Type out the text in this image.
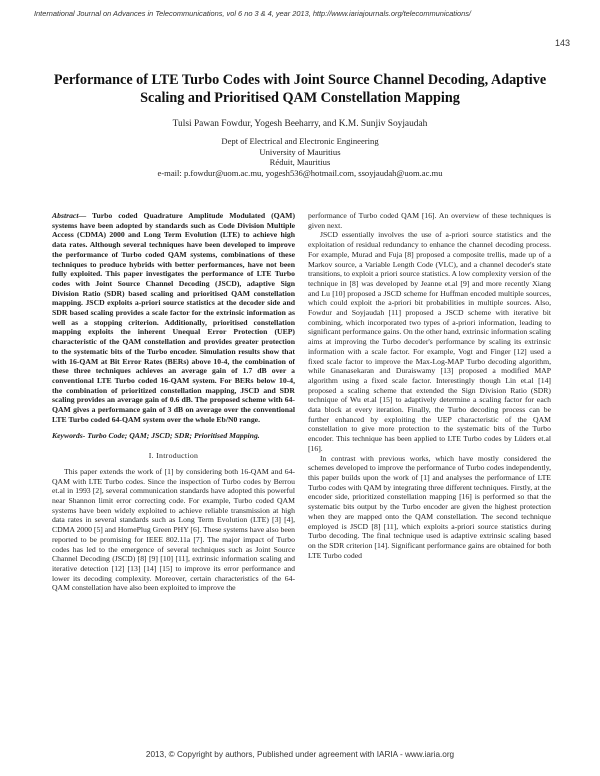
International Journal on Advances in Telecommunications, vol 6 no 3 & 4, year 2013, http://www.iariajournals.org/telecommunications/
143
Performance of LTE Turbo Codes with Joint Source Channel Decoding, Adaptive Scaling and Prioritised QAM Constellation Mapping
Tulsi Pawan Fowdur, Yogesh Beeharry, and K.M. Sunjiv Soyjaudah
Dept of Electrical and Electronic Engineering
University of Mauritius
Réduit, Mauritius
e-mail: p.fowdur@uom.ac.mu, yogesh536@hotmail.com, ssoyjaudah@uom.ac.mu
Abstract— Turbo coded Quadrature Amplitude Modulated (QAM) systems have been adopted by standards such as Code Division Multiple Access (CDMA) 2000 and Long Term Evolution (LTE) to achieve high data rates. Although several techniques have been developed to improve the performance of Turbo coded QAM systems, combinations of these techniques to produce hybrids with better performances, have not been fully exploited. This paper investigates the performance of LTE Turbo codes with Joint Source Channel Decoding (JSCD), adaptive Sign Division Ratio (SDR) based scaling and prioritised QAM constellation mapping. JSCD exploits a-priori source statistics at the decoder side and SDR based scaling provides a scale factor for the extrinsic information as well as a stopping criterion. Additionally, prioritised constellation mapping exploits the inherent Unequal Error Protection (UEP) characteristic of the QAM constellation and provides greater protection to the systematic bits of the Turbo encoder. Simulation results show that with 16-QAM at Bit Error Rates (BERs) above 10-4, the combination of these three techniques achieves an average gain of 1.7 dB over a conventional LTE Turbo coded 16-QAM system. For BERs below 10-4, the combination of prioritized constellation mapping, JSCD and SDR scaling provides an average gain of 0.6 dB. The proposed scheme with 64-QAM gives a performance gain of 3 dB on average over the conventional LTE Turbo coded 64-QAM system over the whole Eb/N0 range.
Keywords- Turbo Code; QAM; JSCD; SDR; Prioritised Mapping.
I. Introduction

This paper extends the work of [1] by considering both 16-QAM and 64-QAM with LTE Turbo codes. Since the inspection of Turbo codes by Berrou et.al in 1993 [2], several communication standards have adopted this powerful near Shannon limit error correcting code. For example, Turbo coded QAM systems have been widely exploited to achieve reliable transmission at high data rates in several standards such as Long Term Evolution (LTE) [3] [4], CDMA 2000 [5] and HomePlug Green PHY [6]. These systems have also been reported to be promising for IEEE 802.11a [7]. The major impact of Turbo codes has led to the emergence of several techniques such as Joint Source Channel Decoding (JSCD) [8] [9] [10] [11], extrinsic information scaling and iterative detection [12] [13] [14] [15] to improve its error performance and lower its decoding complexity. Moreover, certain characteristics of the 64-QAM constellation have also been exploited to improve the

performance of Turbo coded QAM [16]. An overview of these techniques is given next.

JSCD essentially involves the use of a-priori source statistics and the exploitation of residual redundancy to enhance the channel decoding process. For example, Murad and Fuja [8] proposed a composite trellis, made up of a Markov source, a Variable Length Code (VLC), and a channel decoder's state transitions, to exploit a priori source statistics. A low complexity version of the technique in [8] was developed by Jeanne et.al [9] and more recently Xiang and Lu [10] proposed a JSCD scheme for Huffman encoded multiple sources, which could exploit the a-priori bit probabilities in multiple sources. Also, Fowdur and Soyjaudah [11] proposed a JSCD scheme with iterative bit combining, which incorporated two types of a-priori information, leading to significant performance gains. On the other hand, extrinsic information scaling aims at improving the Turbo decoder's performance by scaling its extrinsic information with a scale factor. For example, Vogt and Finger [12] used a fixed scale factor to improve the Max-Log-MAP Turbo decoding algorithm, while Gnanasekaran and Duraiswamy [13] proposed a modified MAP algorithm using a fixed scale factor. Interestingly though Lin et.al [14] proposed a scaling scheme that extended the Sign Division Ratio (SDR) technique of Wu et.al [15] to adaptively determine a scaling factor for each data block at every iteration. Finally, the Turbo decoding process can be further enhanced by exploiting the UEP characteristic of the QAM constellation to give more protection to the systematic bits of the Turbo encoder. This technique has been applied to LTE Turbo codes by Lüders et.al [16].

In contrast with previous works, which have mostly considered the schemes developed to improve the performance of Turbo codes independently, this paper builds upon the work of [1] and analyses the performance of LTE Turbo codes with QAM by integrating three different techniques. Firstly, at the encoder side, prioritized constellation mapping [16] is performed so that the systematic bits output by the Turbo encoder are given the highest protection when they are mapped onto the QAM constellation. The second technique employed is JSCD [8] [11], which exploits a-priori source statistics during Turbo decoding. The final technique used is adaptive extrinsic scaling based on the SDR criterion [14]. Significant performance gains are obtained for both LTE Turbo coded

2013, © Copyright by authors, Published under agreement with IARIA - www.iaria.org
